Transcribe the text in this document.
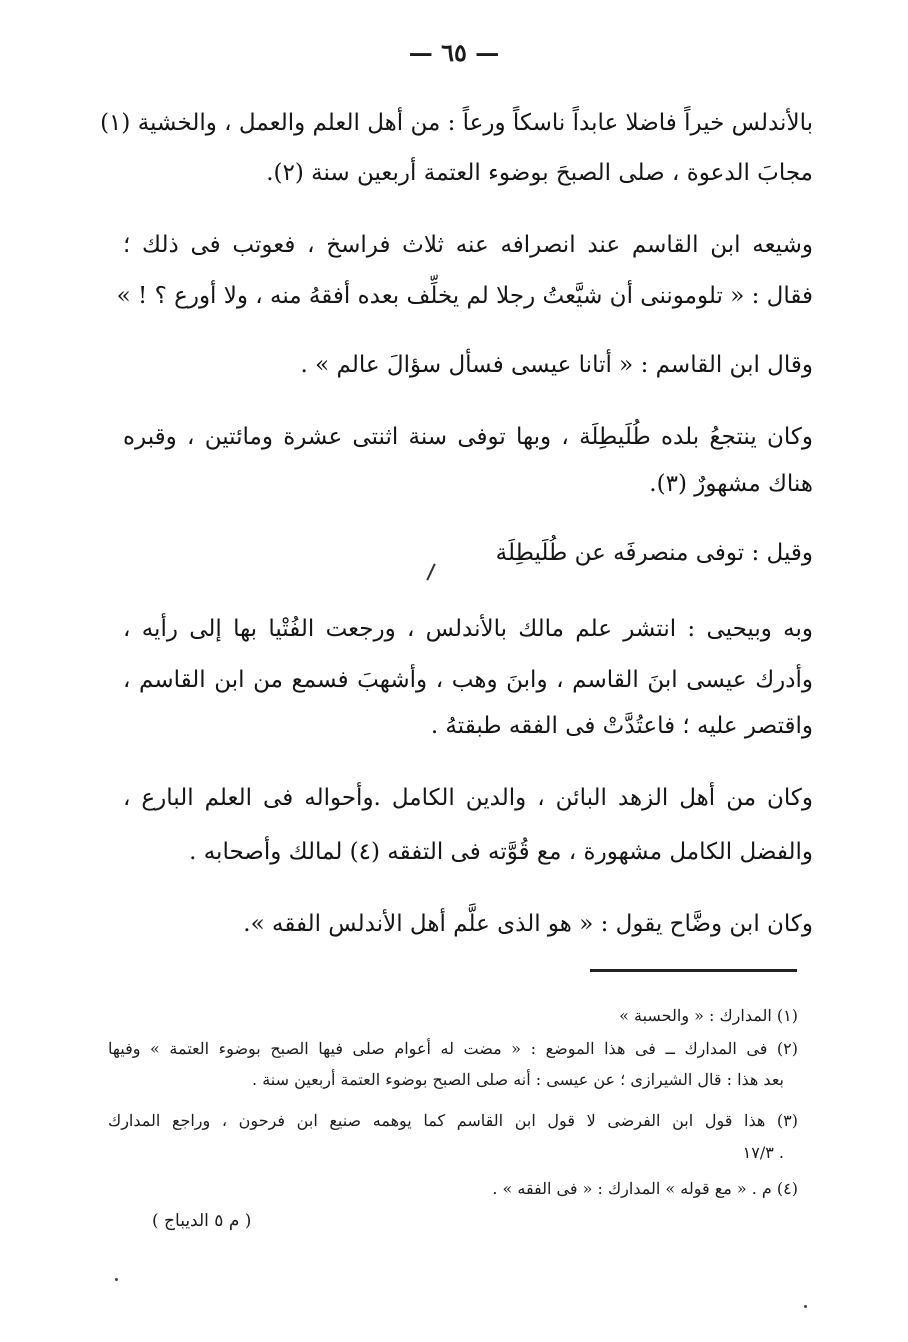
— ٦٥ —
بالأندلس خيراً فاضلا عابداً ناسكاً ورعاً : من أهل العلم والعمل ، والخشية (١)
مجابَ الدعوة ، صلى الصبحَ بوضوء العتمة أربعين سنة (٢).
وشيعه ابن القاسم عند انصرافه عنه ثلاث فراسخ ، فعوتب فى ذلك ؛
فقال : « تلوموننى أن شيَّعتُ رجلا لم يخلِّف بعده أفقهُ منه ، ولا أورع ؟ ! »
وقال ابن القاسم : « أتانا عيسى فسأل سؤالَ عالم » .
وكان ينتجعُ بلده طُلَيطِلَة ، وبها توفى سنة اثنتى عشرة ومائتين ، وقبره
هناك مشهورٌ (٣).
وقيل : توفى منصرفَه عن طُلَيطِلَة
وبه وبيحيى : انتشر علم مالك بالأندلس ، ورجعت الفُتْيا بها إلى رأيه ،
وأدرك عيسى ابنَ القاسم ، وابنَ وهب ، وأشهبَ فسمع من ابن القاسم ،
واقتصر عليه ؛ فاعتُدَّتْ فى الفقه طبقتهُ .
وكان من أهل الزهد البائن ، والدين الكامل .وأحواله فى العلم البارع ،
والفضل الكامل مشهورة ، مع قُوَّته فى التفقه (٤) لمالك وأصحابه .
وكان ابن وضَّاح يقول : « هو الذى علَّم أهل الأندلس الفقه ».
(١) المدارك : « والحسبة »
(٢) فى المدارك ــ فى هذا الموضع : « مضت له أعوام صلى فيها الصبح بوضوء العتمة » وفيها
بعد هذا : قال الشيرازى ؛ عن عيسى : أنه صلى الصبح بوضوء العتمة أربعين سنة .
(٣) هذا قول ابن الفرضى لا قول ابن القاسم كما يوهمه صنيع ابن فرحون ، وراجع المدارك
. ١٧/٣
(٤) م . « مع قوله » المدارك : « فى الفقه » .
( م ٥ الديباج )
